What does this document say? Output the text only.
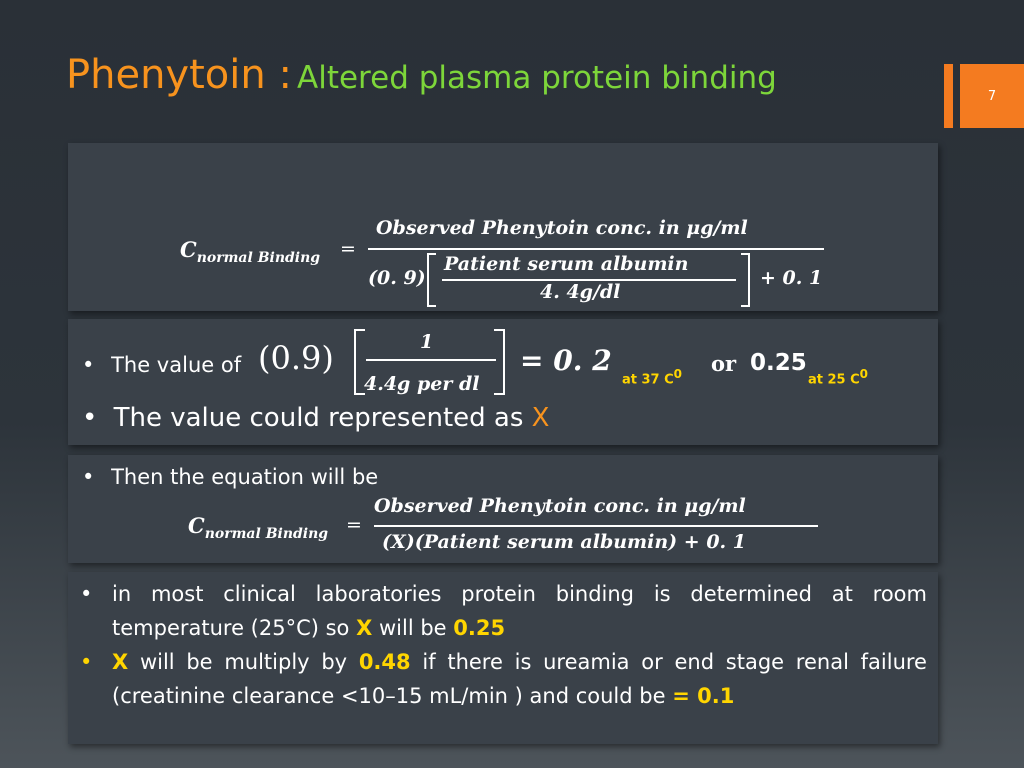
Phenytoin : Altered plasma protein binding	7
$C_{normal Binding}$ =
Observed Phenytoin conc. in μg/ml
(0. 9)
Patient serum albumin
4. 4g/dl
+ 0. 1
• The value of (0.9)	1
4.4g per dl
= 0. 2
at 37 $C^0$ or 0.25
at 25 $C^0$
• The value could represented as X
• Then the equation will be
$C_{normal Binding}$ =
Observed Phenytoin conc. in μg/ml
(X)(Patient serum albumin) + 0. 1
• in most clinical laboratories protein binding is determined at room temperature (25°C) so X will be 0.25
• X will be multiply by 0.48 if there is ureamia or end stage renal failure (creatinine clearance <10–15 mL/min ) and could be = 0.1
